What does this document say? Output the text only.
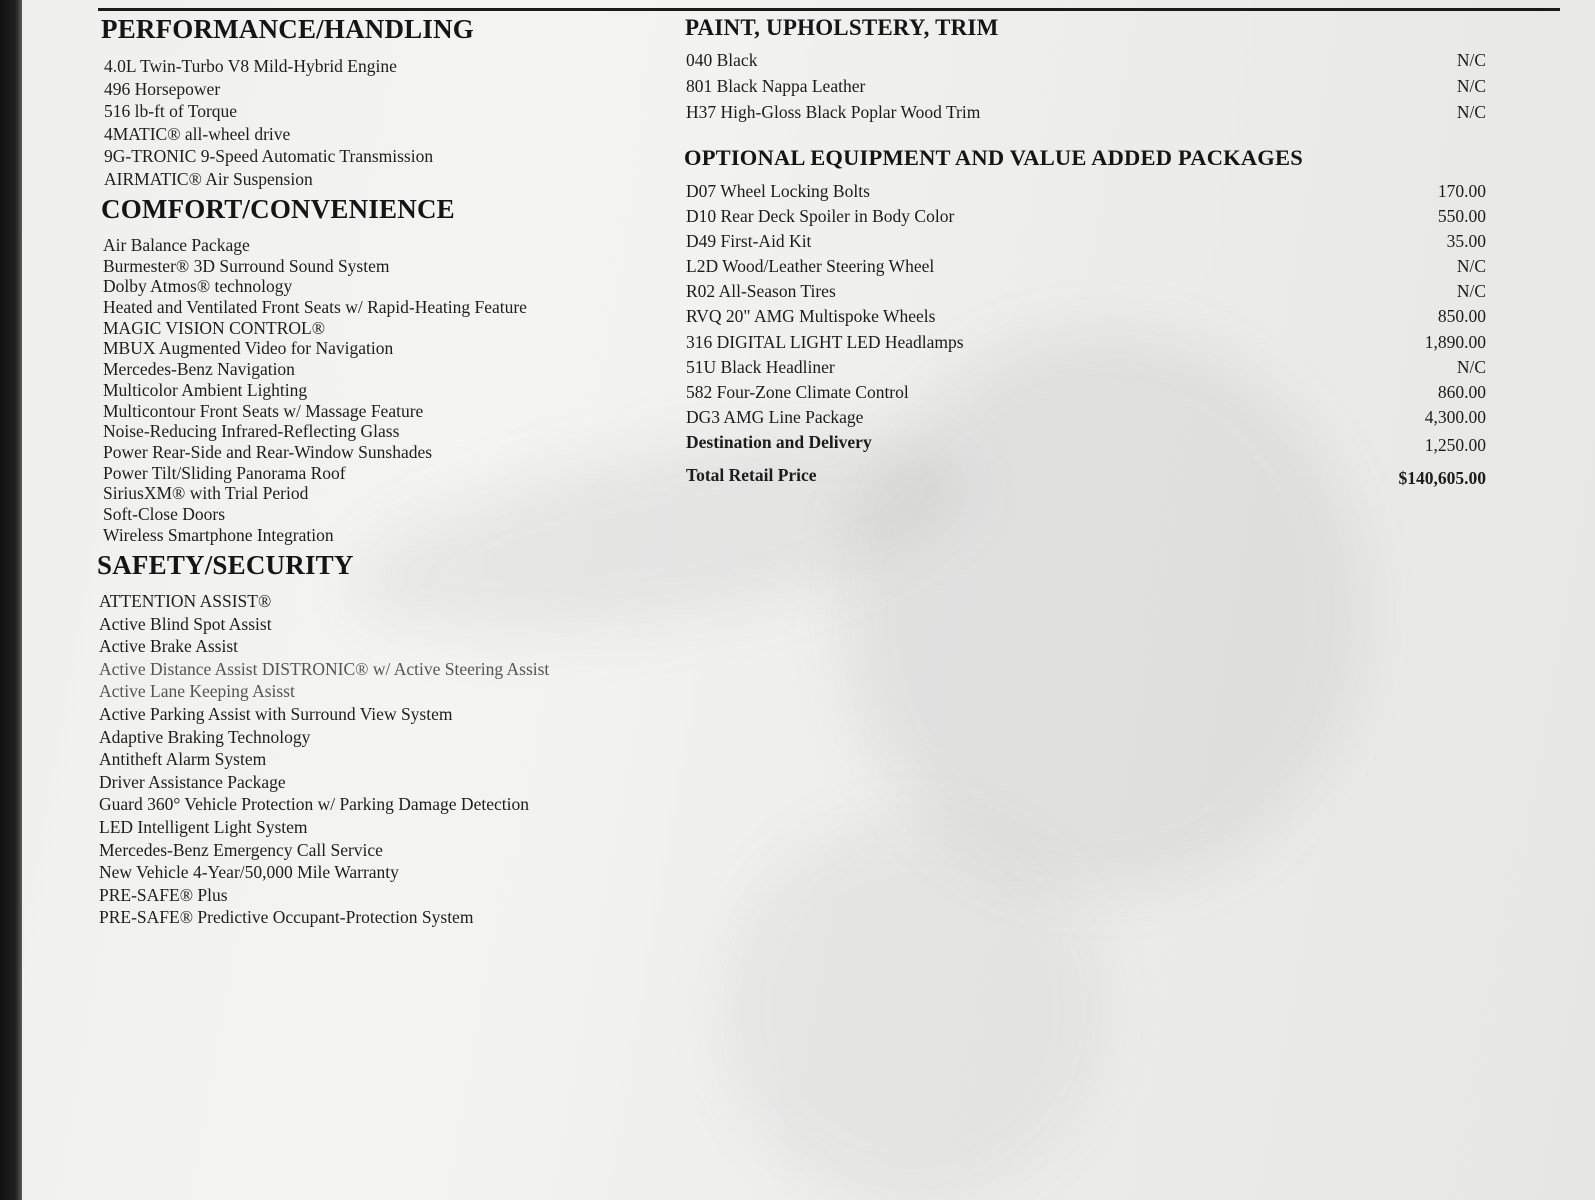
PERFORMANCE/HANDLING
4.0L Twin-Turbo V8 Mild-Hybrid Engine
496 Horsepower
516 lb-ft of Torque
4MATIC® all-wheel drive
9G-TRONIC 9-Speed Automatic Transmission
AIRMATIC® Air Suspension
COMFORT/CONVENIENCE
Air Balance Package
Burmester® 3D Surround Sound System
Dolby Atmos® technology
Heated and Ventilated Front Seats w/ Rapid-Heating Feature
MAGIC VISION CONTROL®
MBUX Augmented Video for Navigation
Mercedes-Benz Navigation
Multicolor Ambient Lighting
Multicontour Front Seats w/ Massage Feature
Noise-Reducing Infrared-Reflecting Glass
Power Rear-Side and Rear-Window Sunshades
Power Tilt/Sliding Panorama Roof
SiriusXM® with Trial Period
Soft-Close Doors
Wireless Smartphone Integration
SAFETY/SECURITY
ATTENTION ASSIST®
Active Blind Spot Assist
Active Brake Assist
Active Distance Assist DISTRONIC® w/ Active Steering Assist
Active Lane Keeping Asisst
Active Parking Assist with Surround View System
Adaptive Braking Technology
Antitheft Alarm System
Driver Assistance Package
Guard 360° Vehicle Protection w/ Parking Damage Detection
LED Intelligent Light System
Mercedes-Benz Emergency Call Service
New Vehicle 4-Year/50,000 Mile Warranty
PRE-SAFE® Plus
PRE-SAFE® Predictive Occupant-Protection System
PAINT, UPHOLSTERY, TRIM
040 Black	N/C
801 Black Nappa Leather	N/C
H37 High-Gloss Black Poplar Wood Trim	N/C
OPTIONAL EQUIPMENT AND VALUE ADDED PACKAGES
D07 Wheel Locking Bolts	170.00
D10 Rear Deck Spoiler in Body Color	550.00
D49 First-Aid Kit	35.00
L2D Wood/Leather Steering Wheel	N/C
R02 All-Season Tires	N/C
RVQ 20" AMG Multispoke Wheels	850.00
316 DIGITAL LIGHT LED Headlamps	1,890.00
51U Black Headliner	N/C
582 Four-Zone Climate Control	860.00
DG3 AMG Line Package	4,300.00
Destination and Delivery	1,250.00
Total Retail Price	$140,605.00
